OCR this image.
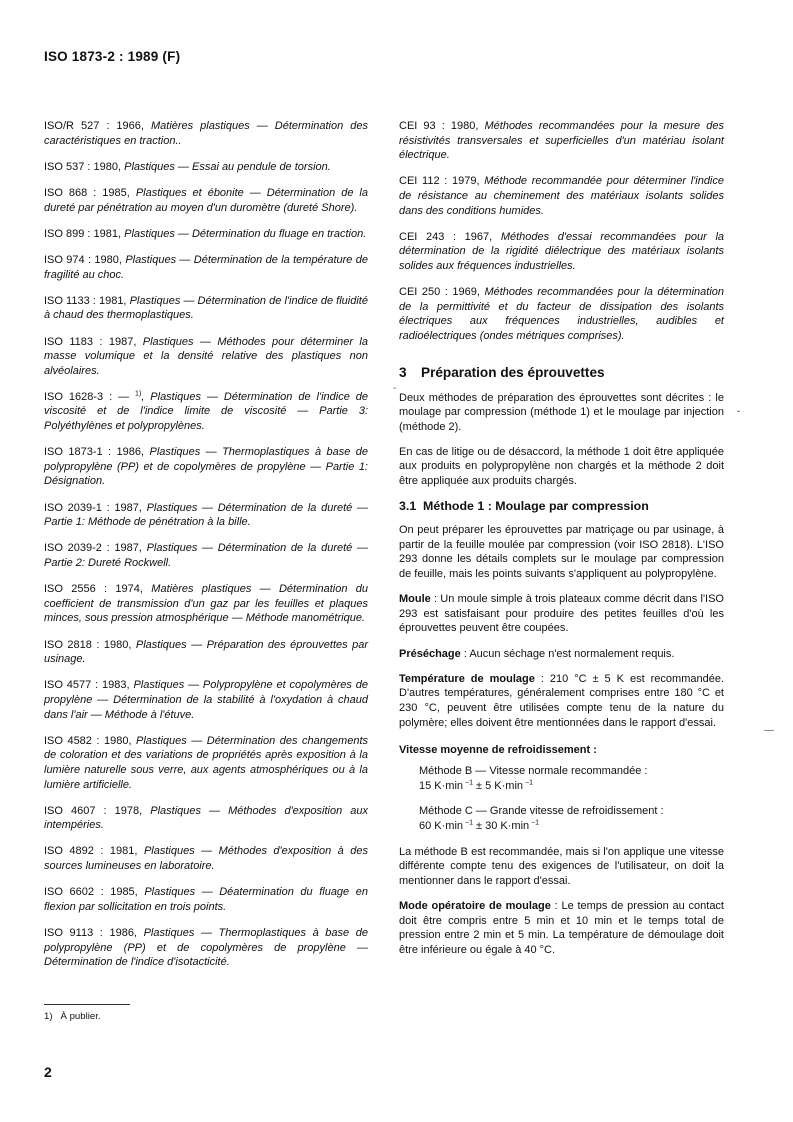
ISO 1873-2 : 1989 (F)

ISO/R 527 : 1966, Matières plastiques — Détermination des caractéristiques en traction..

ISO 537 : 1980, Plastiques — Essai au pendule de torsion.

ISO 868 : 1985, Plastiques et ébonite — Détermination de la dureté par pénétration au moyen d'un duromètre (dureté Shore).

ISO 899 : 1981, Plastiques — Détermination du fluage en traction.

ISO 974 : 1980, Plastiques — Détermination de la température de fragilité au choc.

ISO 1133 : 1981, Plastiques — Détermination de l'indice de fluidité à chaud des thermoplastiques.

ISO 1183 : 1987, Plastiques — Méthodes pour déterminer la masse volumique et la densité relative des plastiques non alvéolaires.

ISO 1628-3 : — $^{1)}$, Plastiques — Détermination de l'indice de viscosité et de l'indice limite de viscosité — Partie 3: Polyéthylènes et polypropylènes.

ISO 1873-1 : 1986, Plastiques — Thermoplastiques à base de polypropylène (PP) et de copolymères de propylène — Partie 1: Désignation.

ISO 2039-1 : 1987, Plastiques — Détermination de la dureté — Partie 1: Méthode de pénétration à la bille.

ISO 2039-2 : 1987, Plastiques — Détermination de la dureté — Partie 2: Dureté Rockwell.

ISO 2556 : 1974, Matières plastiques — Détermination du coefficient de transmission d'un gaz par les feuilles et plaques minces, sous pression atmosphérique — Méthode manométrique.

ISO 2818 : 1980, Plastiques — Préparation des éprouvettes par usinage.

ISO 4577 : 1983, Plastiques — Polypropylène et copolymères de propylène — Détermination de la stabilité à l'oxydation à chaud dans l'air — Méthode à l'étuve.

ISO 4582 : 1980, Plastiques — Détermination des changements de coloration et des variations de propriétés après exposition à la lumière naturelle sous verre, aux agents atmosphériques ou à la lumière artificielle.

ISO 4607 : 1978, Plastiques — Méthodes d'exposition aux intempéries.

ISO 4892 : 1981, Plastiques — Méthodes d'exposition à des sources lumineuses en laboratoire.

ISO 6602 : 1985, Plastiques — Déatermination du fluage en flexion par sollicitation en trois points.

ISO 9113 : 1986, Plastiques — Thermoplastiques à base de polypropylène (PP) et de copolymères de propylène — Détermination de l'indice d'isotacticité.

CEI 93 : 1980, Méthodes recommandées pour la mesure des résistivités transversales et superficielles d'un matériau isolant électrique.

CEI 112 : 1979, Méthode recommandée pour déterminer l'indice de résistance au cheminement des matériaux isolants solides dans des conditions humides.

CEI 243 : 1967, Méthodes d'essai recommandées pour la détermination de la rigidité diélectrique des matériaux isolants solides aux fréquences industrielles.

CEI 250 : 1969, Méthodes recommandées pour la détermination de la permittivité et du facteur de dissipation des isolants électriques aux fréquences industrielles, audibles et radioélectriques (ondes métriques comprises).

3 Préparation des éprouvettes

Deux méthodes de préparation des éprouvettes sont décrites : le moulage par compression (méthode 1) et le moulage par injection (méthode 2).

En cas de litige ou de désaccord, la méthode 1 doit être appliquée aux produits en polypropylène non chargés et la méthode 2 doit être appliquée aux produits chargés.

3.1 Méthode 1 : Moulage par compression

On peut préparer les éprouvettes par matriçage ou par usinage, à partir de la feuille moulée par compression (voir ISO 2818). L'ISO 293 donne les détails complets sur le moulage par compression de feuille, mais les points suivants s'appliquent au polypropylène.

Moule : Un moule simple à trois plateaux comme décrit dans l'ISO 293 est satisfaisant pour produire des petites feuilles d'où les éprouvettes peuvent être coupées.

Préséchage : Aucun séchage n'est normalement requis.

Température de moulage : 210 °C ± 5 K est recommandée. D'autres températures, généralement comprises entre 180 °C et 230 °C, peuvent être utilisées compte tenu de la nature du polymère; elles doivent être mentionnées dans le rapport d'essai.

Vitesse moyenne de refroidissement :
Méthode B — Vitesse normale recommandée :
15 K·min $^{-1}$ ± 5 K·min $^{-1}$
Méthode C — Grande vitesse de refroidissement :
60 K·min $^{-1}$ ± 30 K·min $^{-1}$

La méthode B est recommandée, mais si l'on applique une vitesse différente compte tenu des exigences de l'utilisateur, on doit la mentionner dans le rapport d'essai.

Mode opératoire de moulage : Le temps de pression au contact doit être compris entre 5 min et 10 min et le temps total de pression entre 2 min et 5 min. La température de démoulage doit être inférieure ou égale à 40 °C.

-
˘
—
1)   À publier.
2
